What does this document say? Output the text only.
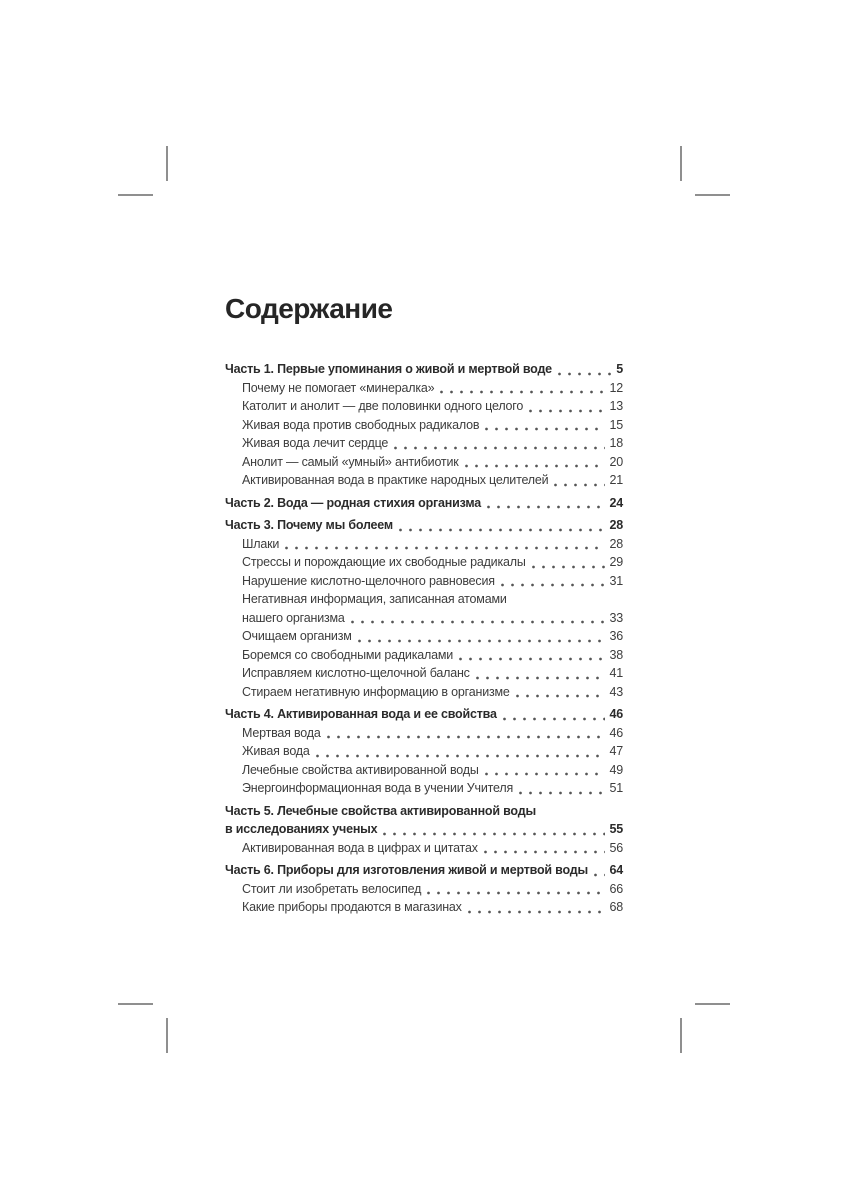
Содержание
Часть 1. Первые упоминания о живой и мертвой воде	5
Почему не помогает «минералка»	12
Католит и анолит — две половинки одного целого	13
Живая вода против свободных радикалов	15
Живая вода лечит сердце	18
Анолит — самый «умный» антибиотик	20
Активированная вода в практике народных целителей	21
Часть 2. Вода — родная стихия организма	24
Часть 3. Почему мы болеем	28
Шлаки	28
Стрессы и порождающие их свободные радикалы	29
Нарушение кислотно-щелочного равновесия	31
Негативная информация, записанная атомами
нашего организма	33
Очищаем организм	36
Боремся со свободными радикалами	38
Исправляем кислотно-щелочной баланс	41
Стираем негативную информацию в организме	43
Часть 4. Активированная вода и ее свойства	46
Мертвая вода	46
Живая вода	47
Лечебные свойства активированной воды	49
Энергоинформационная вода в учении Учителя	51
Часть 5. Лечебные свойства активированной воды
в исследованиях ученых	55
Активированная вода в цифрах и цитатах	56
Часть 6. Приборы для изготовления живой и мертвой воды 64
Стоит ли изобретать велосипед	66
Какие приборы продаются в магазинах	68
